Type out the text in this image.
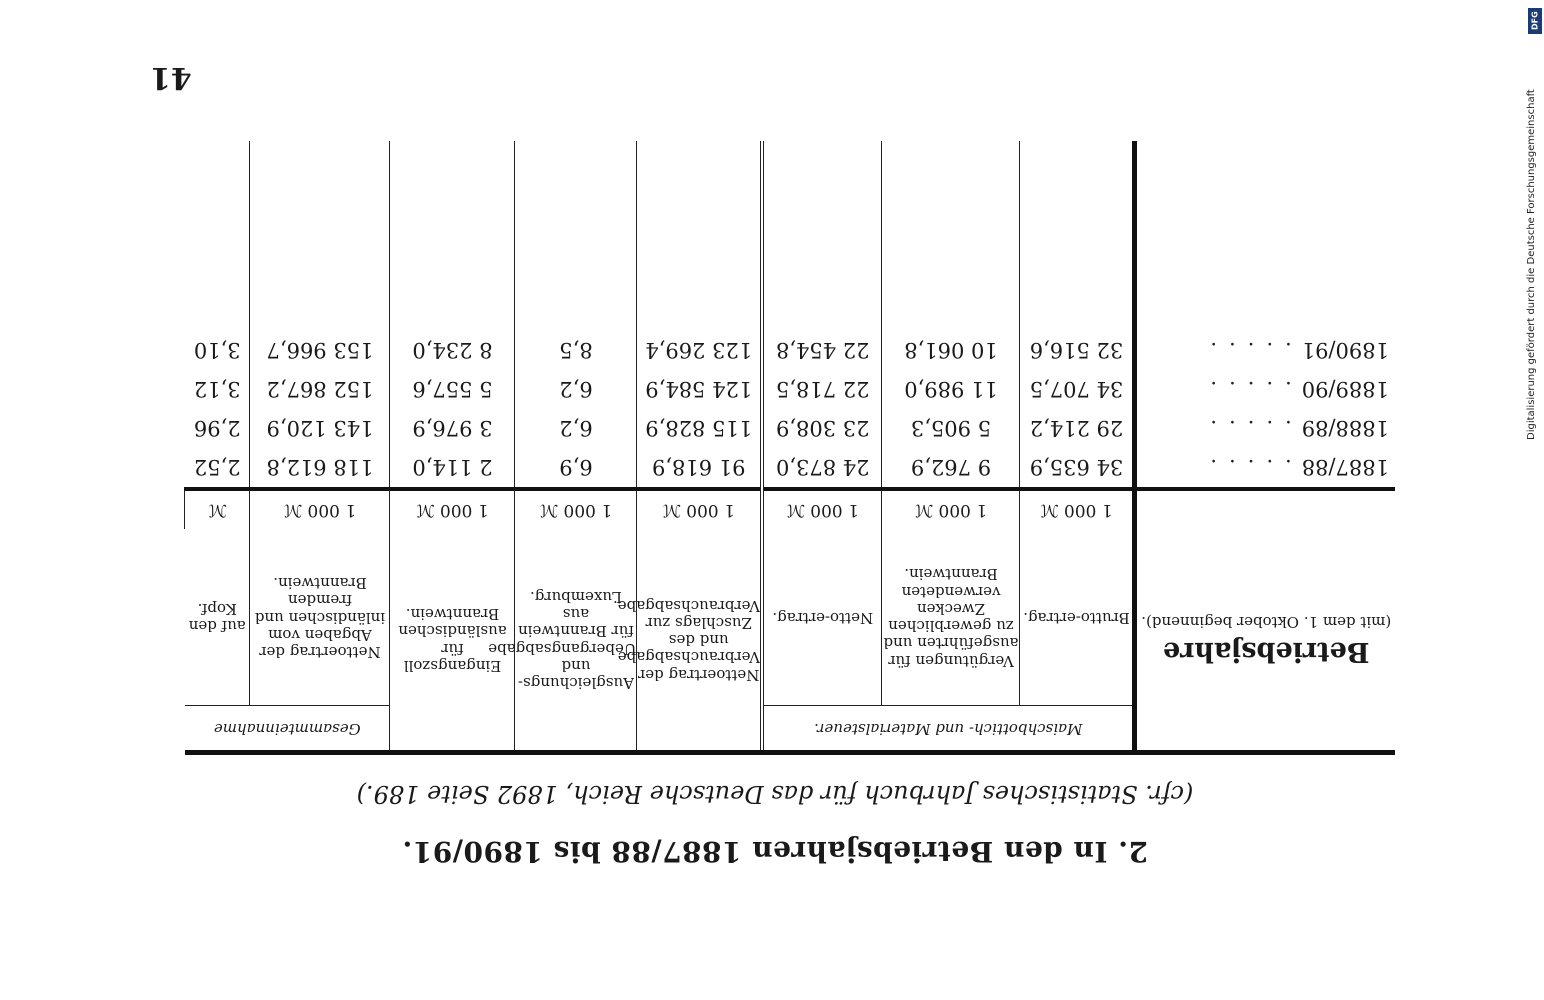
2. In den Betriebsjahren 1887/88 bis 1890/91.
(cfr. Statistisches Jahrbuch für das Deutsche Reich, 1892 Seite 189.)
Betriebsjahre
(mit dem 1. Oktober beginnend).	Maischbottich- und Materialsteuer.			Nettoertrag der Verbrauchsabgabe und des Zuschlags zur Verbrauchsabgabe.	Ausgleichungs- und Uebergangsabgabe für Branntwein aus Luxemburg.	Eingangszoll für ausländischen Branntwein.	Gesammteinnahme	
	Brutto-ertrag.	Vergütungen für ausgeführten und zu gewerblichen Zwecken verwendeten Branntwein.	Netto-ertrag.				Nettoertrag der Abgaben vom inländischen und fremden Branntwein.	auf den Kopf.
	1 000 ℳ	1 000 ℳ	1 000 ℳ	1 000 ℳ	1 000 ℳ	1 000 ℳ	1 000 ℳ	ℳ
1887/88.....	34 635,9	9 762,9	24 873,0	91 618,9	6,9	2 114,0	118 612,8	2,52
1888/89.....	29 214,2	5 905,3	23 308,9	115 828,9	6,2	3 976,9	143 120,9	2,96
1889/90.....	34 707,5	11 989,0	22 718,5	124 584,9	6,2	5 557,6	152 867,2	3,12
1890/91.....	32 516,6	10 061,8	22 454,8	123 269,4	8,5	8 234,0	153 966,7	3,10

41
DFG
Digitalisierung gefördert durch die Deutsche Forschungsgemeinschaft
